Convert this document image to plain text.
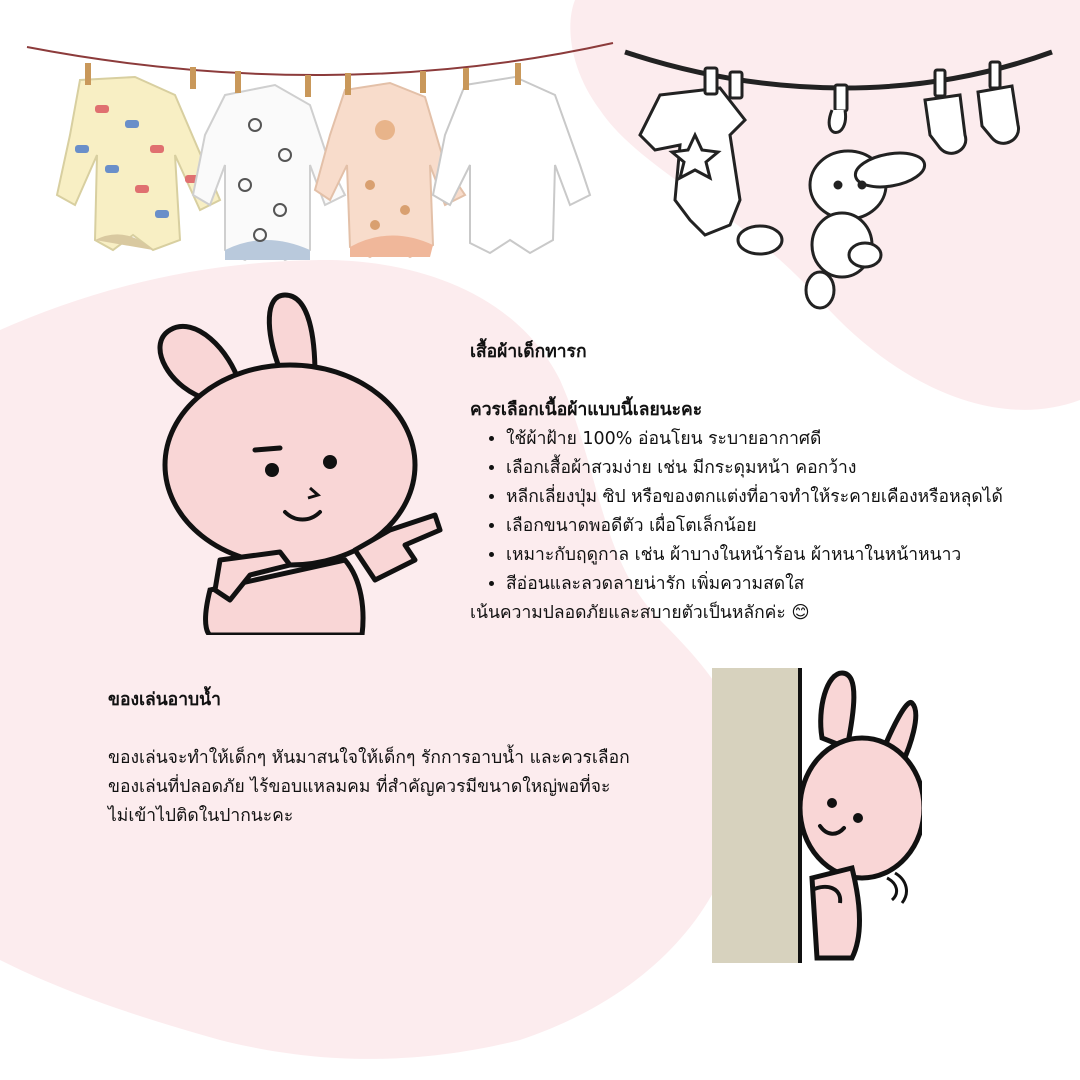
เสื้อผ้าเด็กทารก
ควรเลือกเนื้อผ้าแบบนี้เลยนะคะ
• ใช้ผ้าฝ้าย 100% อ่อนโยน ระบายอากาศดี
• เลือกเสื้อผ้าสวมง่าย เช่น มีกระดุมหน้า คอกว้าง
• หลีกเลี่ยงปุ่ม ซิป หรือของตกแต่งที่อาจทำให้ระคายเคืองหรือหลุดได้
• เลือกขนาดพอดีตัว เผื่อโตเล็กน้อย
• เหมาะกับฤดูกาล เช่น ผ้าบางในหน้าร้อน ผ้าหนาในหน้าหนาว
• สีอ่อนและลวดลายน่ารัก เพิ่มความสดใส

เน้นความปลอดภัยและสบายตัวเป็นหลักค่ะ 😊

ของเล่นอาบน้ำ

ของเล่นจะทำให้เด็กๆ หันมาสนใจให้เด็กๆ รักการอาบน้ำ และควรเลือก
ของเล่นที่ปลอดภัย ไร้ขอบแหลมคม ที่สำคัญควรมีขนาดใหญ่พอที่จะ
ไม่เข้าไปติดในปากนะคะ
